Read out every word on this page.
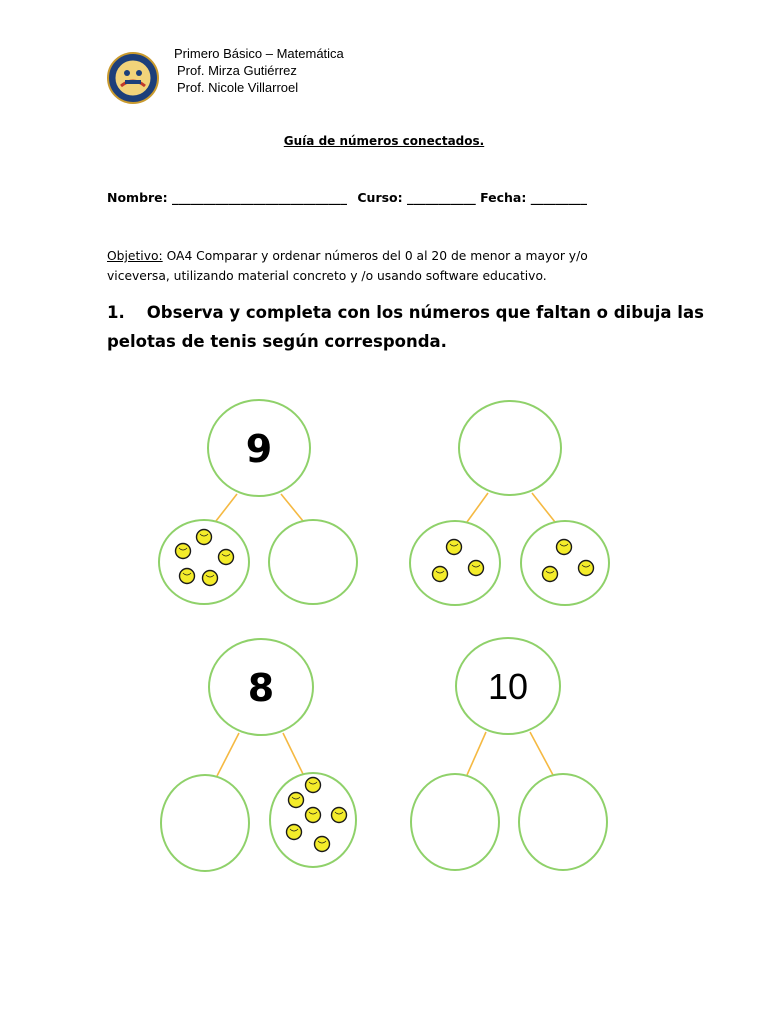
Primero Básico – Matemática
Prof. Mirza Gutiérrez
Prof. Nicole Villarroel
Guía de números conectados.
Nombre: ____________________________ Curso: ___________ Fecha: _________
Objetivo: OA4 Comparar y ordenar números del 0 al 20 de menor a mayor y/o
viceversa, utilizando material concreto y /o usando software educativo.
1. Observa y completa con los números que faltan o dibuja las
pelotas de tenis según corresponda.
9
8	10
